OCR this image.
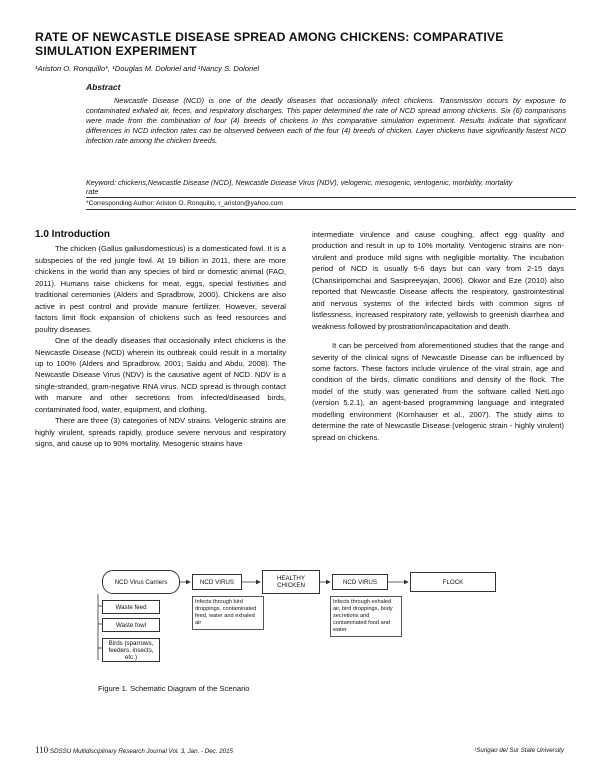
RATE OF NEWCASTLE DISEASE SPREAD AMONG CHICKENS: COMPARATIVE SIMULATION EXPERIMENT
¹Ariston O. Ronquillo*, ¹Douglas M. Doloriel and ¹Nancy S. Doloriel
Abstract
Newcastle Disease (NCD) is one of the deadly diseases that occasionally infect chickens. Transmission occurs by exposure to contaminated exhaled air, feces, and respiratory discharges. This paper determined the rate of NCD spread among chickens. Six (6) comparisons were made from the combination of four (4) breeds of chickens in this comparative simulation experiment. Results indicate that significant differences in NCD infection rates can be observed between each of the four (4) breeds of chicken. Layer chickens have significantly fastest NCD infection rate among the chicken breeds.
Keyword: chickens,Newcastle Disease (NCD), Newcastle Disease Virus (NDV), velogenic, mesogenic, ventogenic, morbidity, mortality rate
*Corresponding Author: Ariston O. Ronquillo, r_ariston@yahoo.com
1.0 Introduction

The chicken (Gallus gallusdomesticus) is a domesticated fowl. It is a subspecies of the red jungle fowl. At 19 billion in 2011, there are more chickens in the world than any species of bird or domestic animal (FAO, 2011). Humans raise chickens for meat, eggs, special festivities and traditional ceremonies (Alders and Spradbrow, 2000). Chickens are also active in pest control and provide manure fertilizer. However, several factors limit flock expansion of chickens such as feed resources and poultry diseases.

One of the deadly diseases that occasionally infect chickens is the Newcastle Disease (NCD) wherein its outbreak could result in a mortality up to 100% (Alders and Spradbrow, 2001; Saidu and Abdu, 2008). The Newcastle Disease Virus (NDV) is the causative agent of NCD. NDV is a single-stranded, gram-negative RNA virus. NCD spread is through contact with manure and other secretions from infected/diseased birds, contaminated food, water, equipment, and clothing.

There are three (3) categories of NDV strains. Velogenic strains are highly virulent, spreads rapidly, produce severe nervous and respiratory signs, and cause up to 90% mortality. Mesogenic strains have

intermediate virulence and cause coughing, affect egg quality and production and result in up to 10% mortality. Ventogenic strains are non-virulent and produce mild signs with negligible mortality. The incubation period of NCD is usually 5-6 days but can vary from 2-15 days (Chansiripomchai and Sasipreeyajan, 2006). Okwor and Eze (2010) also reported that Newcastle Disease affects the respiratory, gastrointestinal and nervous systems of the infected birds with common signs of listlessness, increased respiratory rate, yellowish to greenish diarrhea and weakness followed by prostration/incapacitation and death.

It can be perceived from aforementioned studies that the range and severity of the clinical signs of Newcastle Disease can be influenced by some factors. These factors include virulence of the viral strain, age and condition of the birds, climatic conditions and density of the flock. The model of the study was generated from the software called NetLogo (version 5.2.1), an agent-based programming language and integrated modelling environment (Kornhauser et al., 2007). The study aims to determine the rate of Newcastle Disease (velogenic strain - highly virulent) spread on chickens.

NCD Virus Carriers	NCD VIRUS	HEALTHY CHICKEN	NCD VIRUS	FLOCK
Waste feed
Waste fowl
Birds (sparrows, feeders, insects, etc.)
Infects through bird droppings, contaminated feed, water and exhaled air
Infects through exhaled air, bird droppings, body secretions and contaminated food and water
Figure 1. Schematic Diagram of the Scenario
110 SDSSU Multidisciplinary Research Journal Vol. 3, Jan. - Dec. 2015	¹Surigao del Sur State University
